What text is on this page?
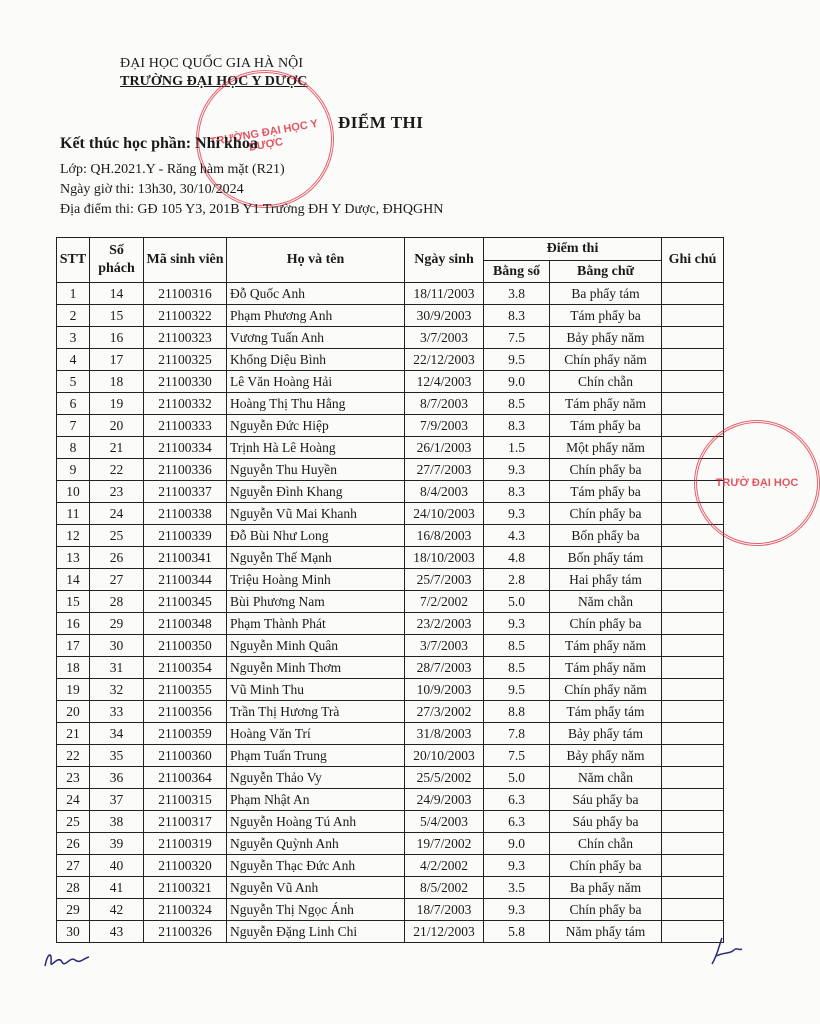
ĐẠI HỌC QUỐC GIA HÀ NỘI
TRƯỜNG ĐẠI HỌC Y DƯỢC
TRƯỜNG ĐẠI HỌC Y DƯỢC
ĐIỂM THI
Kết thúc học phần: Nhi khoa
Lớp: QH.2021.Y - Răng hàm mặt (R21)
Ngày giờ thi: 13h30, 30/10/2024
Địa điểm thi: GĐ 105 Y3, 201B Y1 Trường ĐH Y Dược, ĐHQGHN
STT	Số phách	Mã sinh viên	Họ và tên	Ngày sinh	Điểm thi		Ghi chú
					Bằng số	Bằng chữ	
1	14	21100316	Đỗ Quốc Anh	18/11/2003	3.8	Ba phẩy tám	
2	15	21100322	Phạm Phương Anh	30/9/2003	8.3	Tám phẩy ba	
3	16	21100323	Vương Tuấn Anh	3/7/2003	7.5	Bảy phẩy năm	
4	17	21100325	Khổng Diệu Bình	22/12/2003	9.5	Chín phẩy năm	
5	18	21100330	Lê Văn Hoàng Hải	12/4/2003	9.0	Chín chẵn	
6	19	21100332	Hoàng Thị Thu Hằng	8/7/2003	8.5	Tám phẩy năm	
7	20	21100333	Nguyễn Đức Hiệp	7/9/2003	8.3	Tám phẩy ba	
8	21	21100334	Trịnh Hà Lê Hoàng	26/1/2003	1.5	Một phẩy năm	
9	22	21100336	Nguyễn Thu Huyền	27/7/2003	9.3	Chín phẩy ba	
10	23	21100337	Nguyễn Đình Khang	8/4/2003	8.3	Tám phẩy ba	
11	24	21100338	Nguyễn Vũ Mai Khanh	24/10/2003	9.3	Chín phẩy ba	
12	25	21100339	Đỗ Bùi Như Long	16/8/2003	4.3	Bốn phẩy ba	
13	26	21100341	Nguyễn Thế Mạnh	18/10/2003	4.8	Bốn phẩy tám	
14	27	21100344	Triệu Hoàng Minh	25/7/2003	2.8	Hai phẩy tám	
15	28	21100345	Bùi Phương Nam	7/2/2002	5.0	Năm chẵn	
16	29	21100348	Phạm Thành Phát	23/2/2003	9.3	Chín phẩy ba	
17	30	21100350	Nguyễn Minh Quân	3/7/2003	8.5	Tám phẩy năm	
18	31	21100354	Nguyễn Minh Thơm	28/7/2003	8.5	Tám phẩy năm	
19	32	21100355	Vũ Minh Thu	10/9/2003	9.5	Chín phẩy năm	
20	33	21100356	Trần Thị Hương Trà	27/3/2002	8.8	Tám phẩy tám	
21	34	21100359	Hoàng Văn Trí	31/8/2003	7.8	Bảy phẩy tám	
22	35	21100360	Phạm Tuấn Trung	20/10/2003	7.5	Bảy phẩy năm	
23	36	21100364	Nguyễn Thảo Vy	25/5/2002	5.0	Năm chẵn	
24	37	21100315	Phạm Nhật An	24/9/2003	6.3	Sáu phẩy ba	
25	38	21100317	Nguyễn Hoàng Tú Anh	5/4/2003	6.3	Sáu phẩy ba	
26	39	21100319	Nguyễn Quỳnh Anh	19/7/2002	9.0	Chín chẵn	
27	40	21100320	Nguyễn Thạc Đức Anh	4/2/2002	9.3	Chín phẩy ba	
28	41	21100321	Nguyễn Vũ Anh	8/5/2002	3.5	Ba phẩy năm	
29	42	21100324	Nguyễn Thị Ngọc Ánh	18/7/2003	9.3	Chín phẩy ba	
30	43	21100326	Nguyễn Đặng Linh Chi	21/12/2003	5.8	Năm phẩy tám	
TRƯỜ ĐẠI HỌC
